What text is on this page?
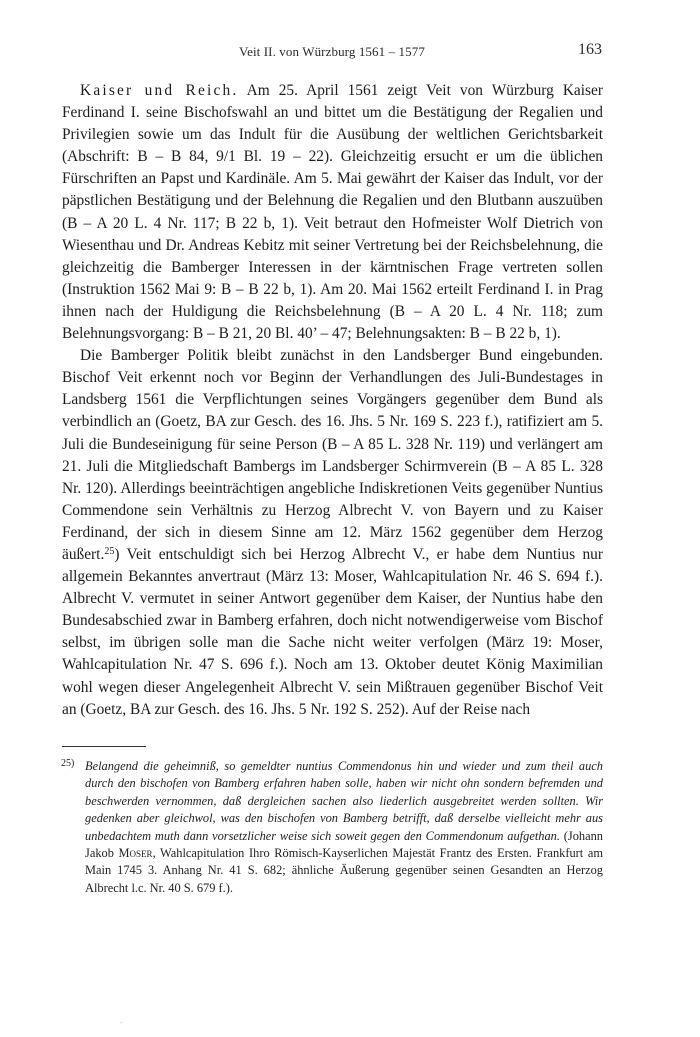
Veit II. von Würzburg 1561 – 1577	163

Kaiser und Reich. Am 25. April 1561 zeigt Veit von Würzburg Kaiser Ferdinand I. seine Bischofswahl an und bittet um die Bestätigung der Regalien und Privilegien sowie um das Indult für die Ausübung der weltlichen Gerichtsbarkeit (Abschrift: B – B 84, 9/1 Bl. 19 – 22). Gleichzeitig ersucht er um die üblichen Fürschriften an Papst und Kardinäle. Am 5. Mai gewährt der Kaiser das Indult, vor der päpstlichen Bestätigung und der Belehnung die Regalien und den Blutbann auszuüben (B – A 20 L. 4 Nr. 117; B 22 b, 1). Veit betraut den Hofmeister Wolf Dietrich von Wiesenthau und Dr. Andreas Kebitz mit seiner Vertretung bei der Reichsbelehnung, die gleichzeitig die Bamberger Interessen in der kärntnischen Frage vertreten sollen (Instruktion 1562 Mai 9: B – B 22 b, 1). Am 20. Mai 1562 erteilt Ferdinand I. in Prag ihnen nach der Huldigung die Reichsbelehnung (B – A 20 L. 4 Nr. 118; zum Belehnungsvorgang: B – B 21, 20 Bl. 40’ – 47; Belehnungsakten: B – B 22 b, 1).

Die Bamberger Politik bleibt zunächst in den Landsberger Bund eingebunden. Bischof Veit erkennt noch vor Beginn der Verhandlungen des Juli-Bundestages in Landsberg 1561 die Verpflichtungen seines Vorgängers gegenüber dem Bund als verbindlich an (Goetz, BA zur Gesch. des 16. Jhs. 5 Nr. 169 S. 223 f.), ratifiziert am 5. Juli die Bundeseinigung für seine Person (B – A 85 L. 328 Nr. 119) und verlängert am 21. Juli die Mitgliedschaft Bambergs im Landsberger Schirmverein (B – A 85 L. 328 Nr. 120). Allerdings beeinträchtigen angebliche Indiskretionen Veits gegenüber Nuntius Commendone sein Verhältnis zu Herzog Albrecht V. von Bayern und zu Kaiser Ferdinand, der sich in diesem Sinne am 12. März 1562 gegenüber dem Herzog äußert.$^{25}$) Veit entschuldigt sich bei Herzog Albrecht V., er habe dem Nuntius nur allgemein Bekanntes anvertraut (März 13: Moser, Wahlcapitulation Nr. 46 S. 694 f.). Albrecht V. vermutet in seiner Antwort gegenüber dem Kaiser, der Nuntius habe den Bundesabschied zwar in Bamberg erfahren, doch nicht notwendigerweise vom Bischof selbst, im übrigen solle man die Sache nicht weiter verfolgen (März 19: Moser, Wahlcapitulation Nr. 47 S. 696 f.). Noch am 13. Oktober deutet König Maximilian wohl wegen dieser Angelegenheit Albrecht V. sein Mißtrauen gegenüber Bischof Veit an (Goetz, BA zur Gesch. des 16. Jhs. 5 Nr. 192 S. 252). Auf der Reise nach

25) Belangend die geheimniß, so gemeldter nuntius Commendonus hin und wieder und zum theil auch durch den bischofen von Bamberg erfahren haben solle, haben wir nicht ohn sondern befremden und beschwerden vernommen, daß dergleichen sachen also liederlich ausgebreitet werden sollten. Wir gedenken aber gleichwol, was den bischofen von Bamberg betrifft, daß derselbe vielleicht mehr aus unbedachtem muth dann vorsetzlicher weise sich soweit gegen den Commendonum aufgethan. (Johann Jakob Moser, Wahlcapitulation Ihro Römisch-Kayserlichen Majestät Frantz des Ersten. Frankfurt am Main 1745 3. Anhang Nr. 41 S. 682; ähnliche Äußerung gegenüber seinen Gesandten an Herzog Albrecht l.c. Nr. 40 S. 679 f.).
-
